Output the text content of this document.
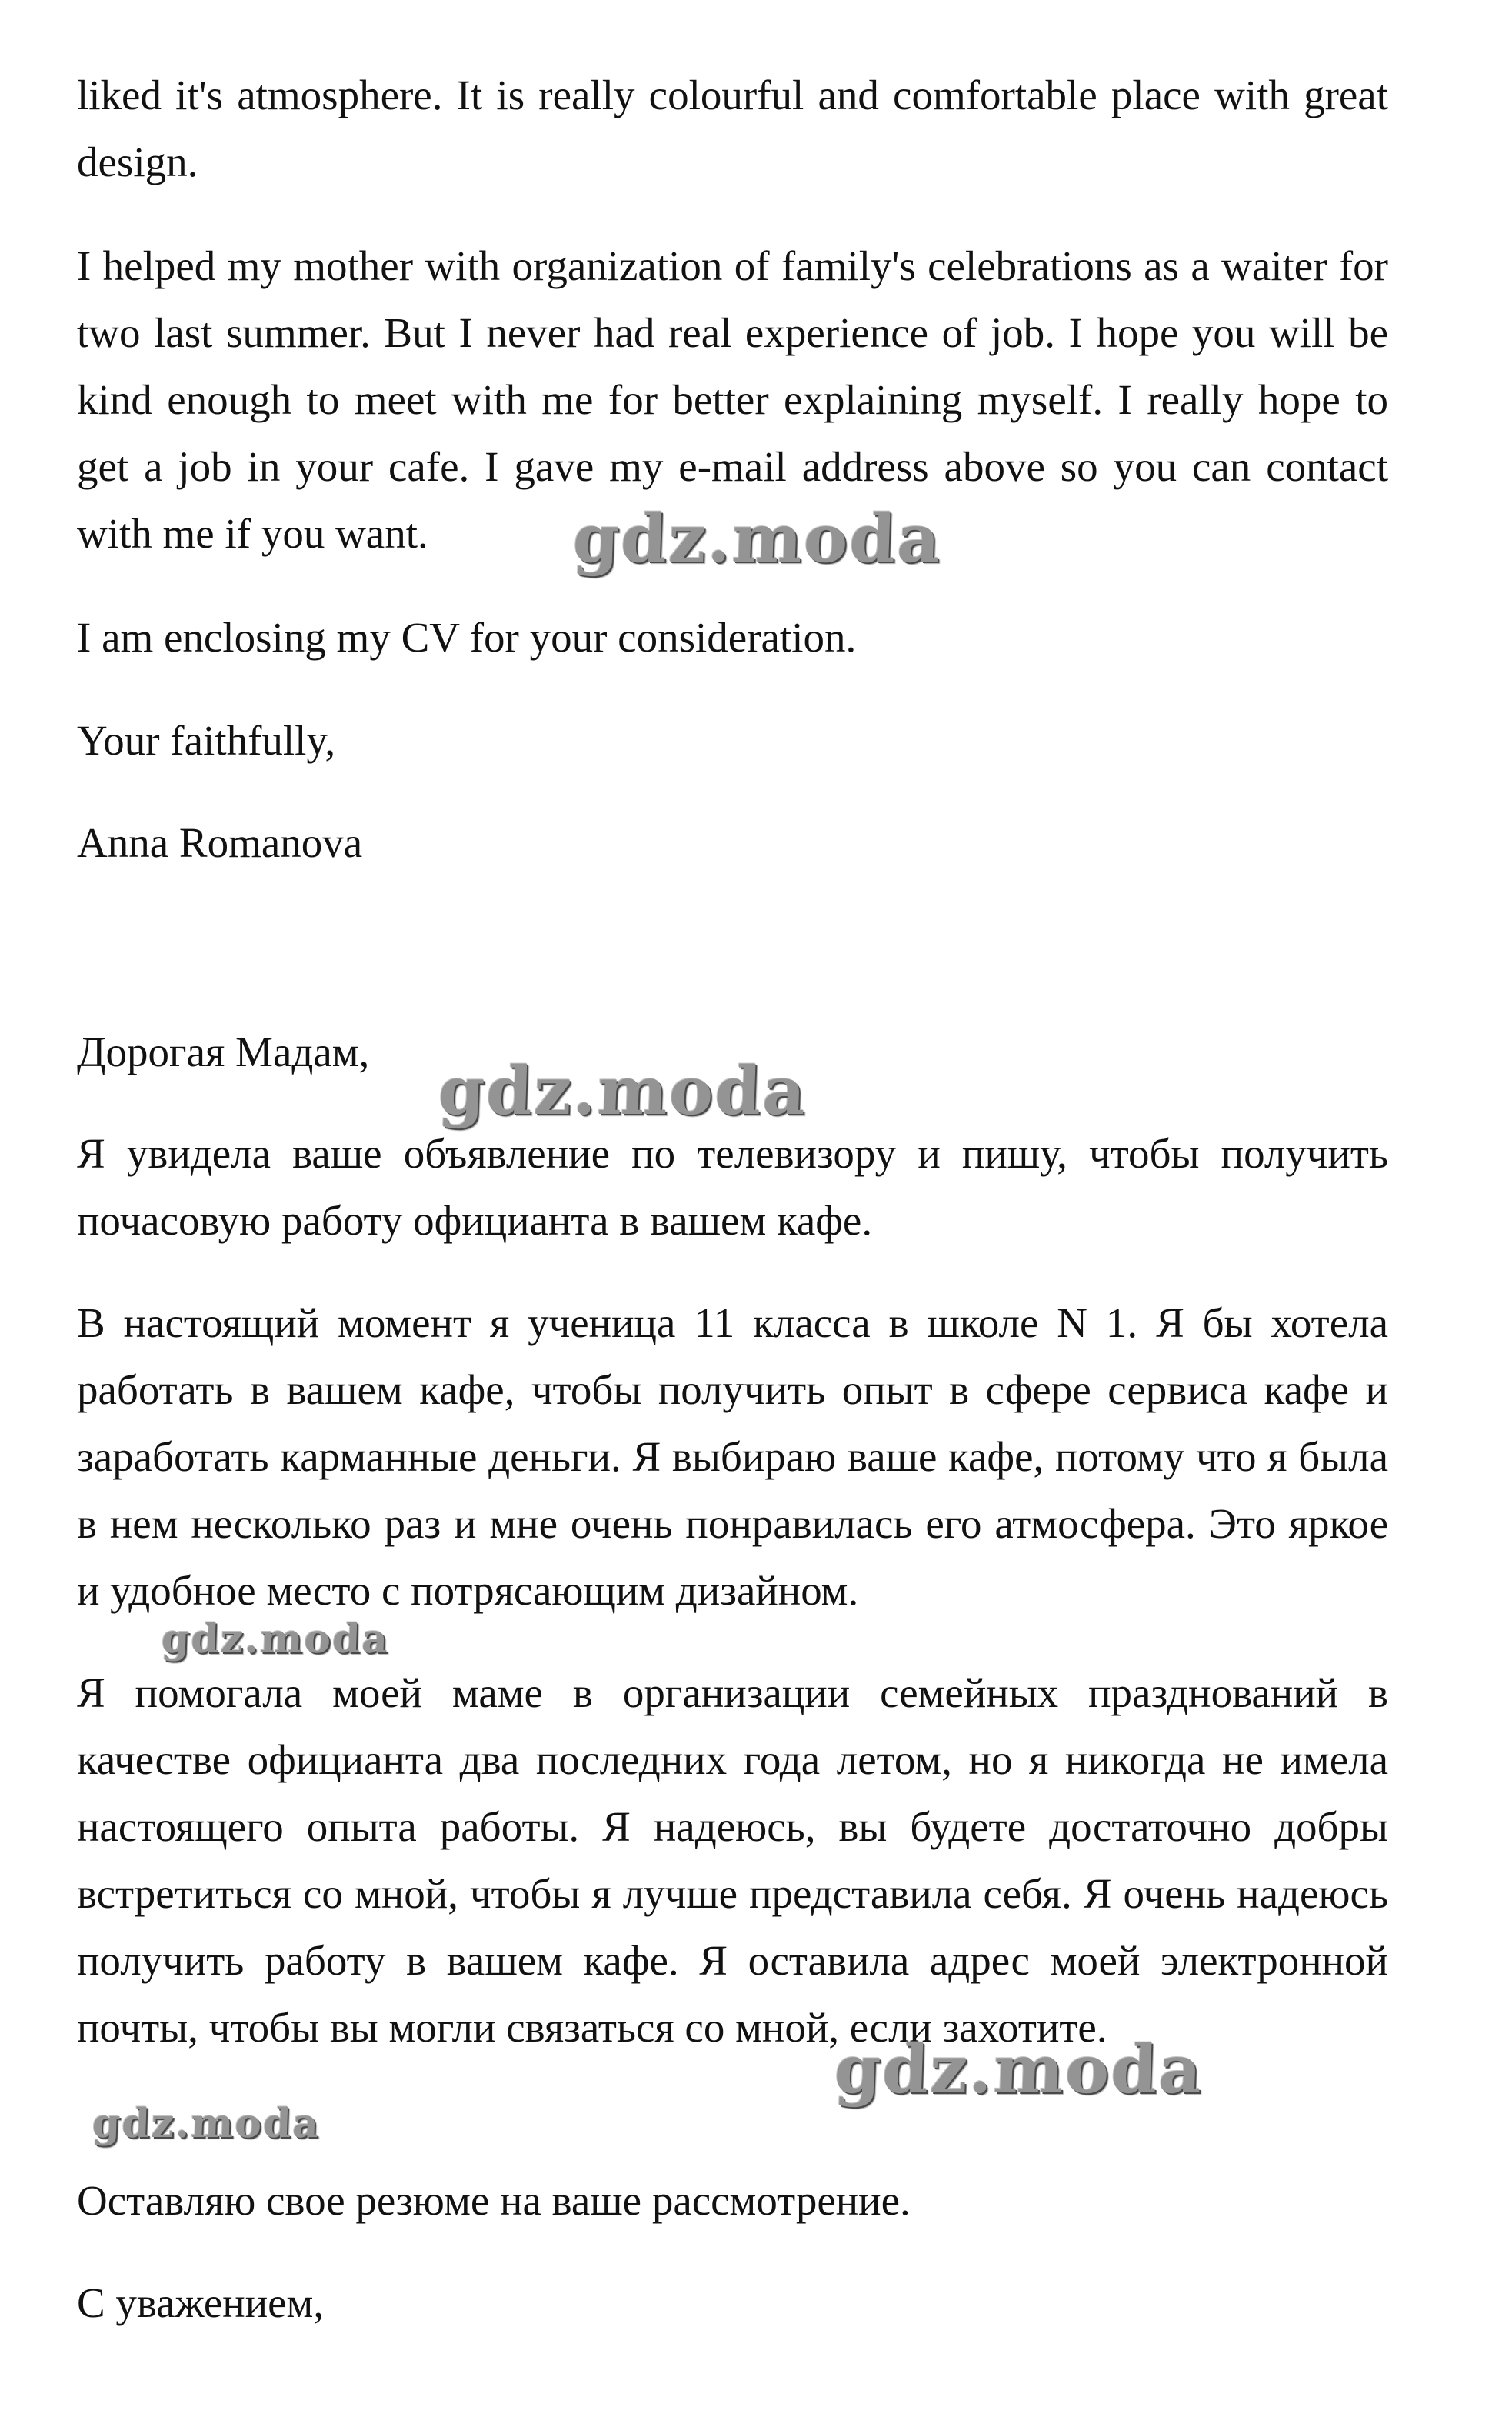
liked it's atmosphere. It is really colourful and comfortable place with great design.

I helped my mother with organization of family's celebrations as a waiter for two last summer. But I never had real experience of job. I hope you will be kind enough to meet with me for better explaining myself. I really hope to get a job in your cafe. I gave my e-mail address above so you can contact with me if you want.

I am enclosing my CV for your consideration.

Your faithfully,

Anna Romanova

Дорогая Мадам,

Я увидела ваше объявление по телевизору и пишу, чтобы получить почасовую работу официанта в вашем кафе.

В настоящий момент я ученица 11 класса в школе N 1. Я бы хотела работать в вашем кафе, чтобы получить опыт в сфере сервиса кафе и заработать карманные деньги. Я выбираю ваше кафе, потому что я была в нем несколько раз и мне очень понравилась его атмосфера. Это яркое и удобное место с потрясающим дизайном.

Я помогала моей маме в организации семейных празднований в качестве официанта два последних года летом, но я никогда не имела настоящего опыта работы. Я надеюсь, вы будете достаточно добры встретиться со мной, чтобы я лучше представила себя. Я очень надеюсь получить работу в вашем кафе. Я оставила адрес моей электронной почты, чтобы вы могли связаться со мной, если захотите.

Оставляю свое резюме на ваше рассмотрение.

С уважением,

gdz.moda
gdz.moda
gdz.moda
gdz.moda
gdz.moda
